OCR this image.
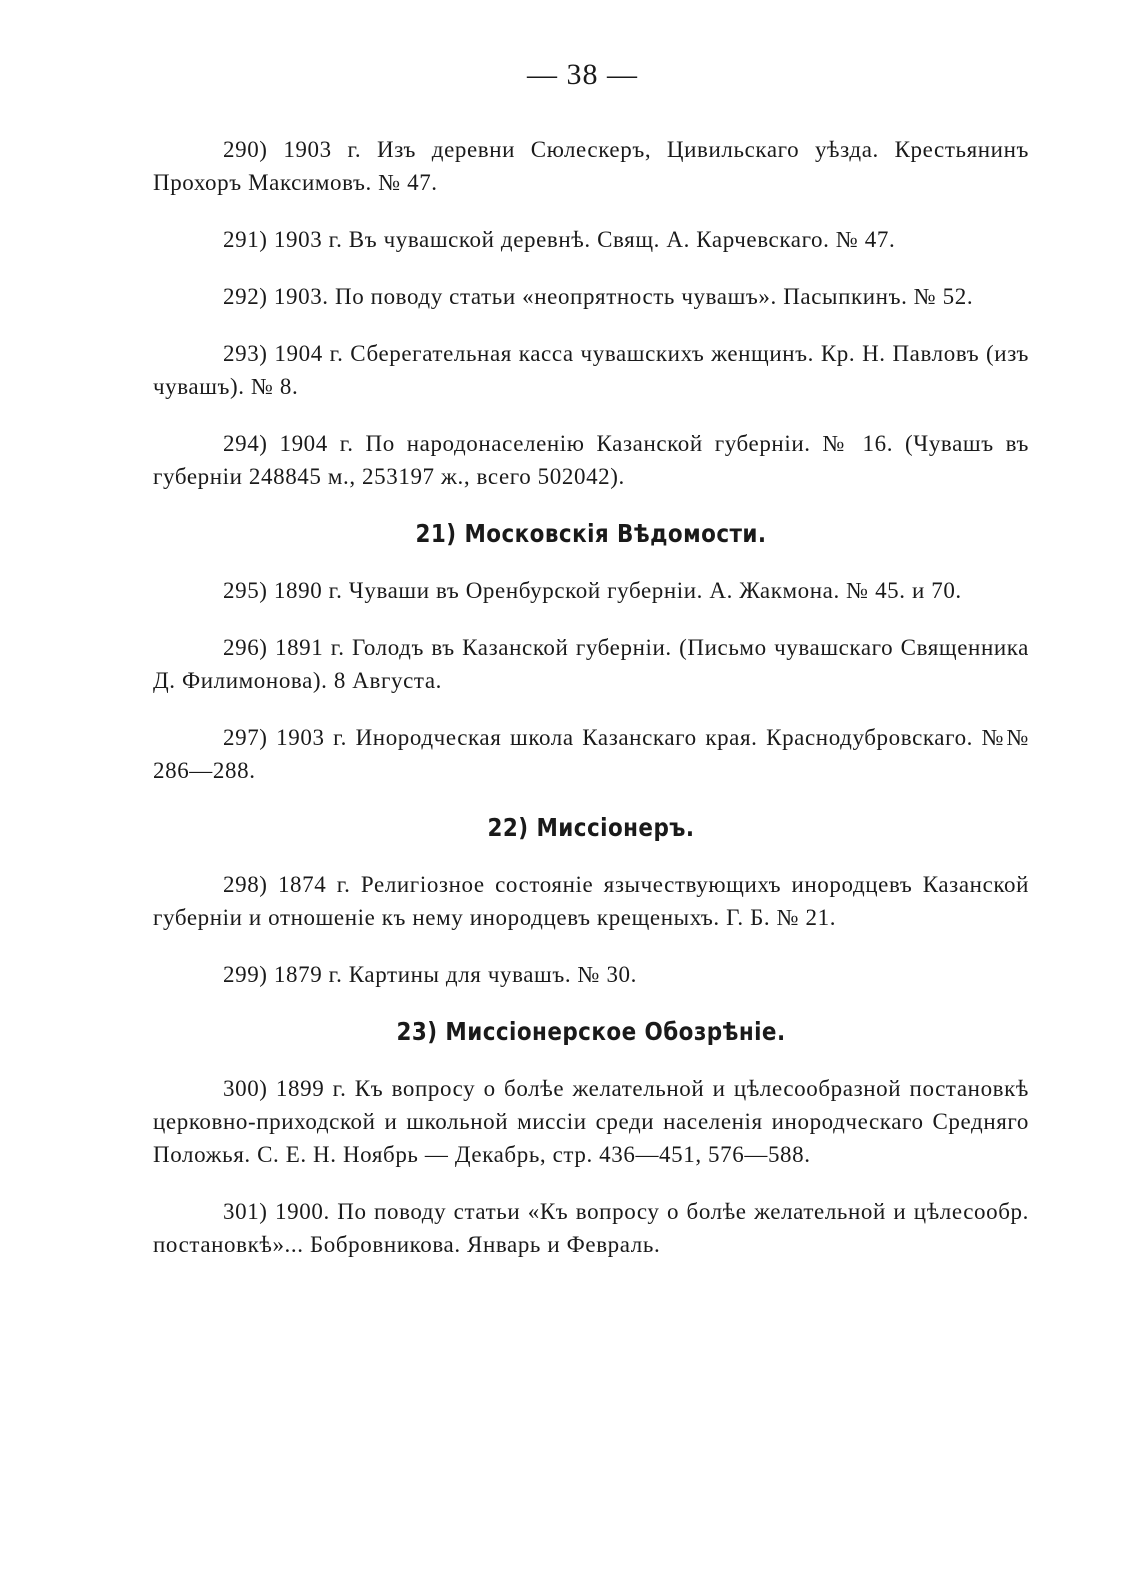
— 38 —

290) 1903 г. Изъ деревни Сюлескеръ, Цивильскаго уѣзда. Крестьянинъ Прохоръ Максимовъ. № 47.

291) 1903 г. Въ чувашской деревнѣ. Свящ. А. Карчевскаго. № 47.

292) 1903. По поводу статьи «неопрятность чувашъ». Пасыпкинъ. № 52.

293) 1904 г. Сберегательная касса чувашскихъ женщинъ. Кр. Н. Павловъ (изъ чувашъ). № 8.

294) 1904 г. По народонаселенію Казанской губерніи. № 16. (Чувашъ въ губерніи 248845 м., 253197 ж., всего 502042).

21) Московскія Вѣдомости.

295) 1890 г. Чуваши въ Оренбурской губерніи. А. Жакмона. № 45. и 70.

296) 1891 г. Голодъ въ Казанской губерніи. (Письмо чувашскаго Священника Д. Филимонова). 8 Августа.

297) 1903 г. Инородческая школа Казанскаго края. Краснодубровскаго. №№ 286—288.

22) Миссіонеръ.

298) 1874 г. Религіозное состояніе язычествующихъ инородцевъ Казанской губерніи и отношеніе къ нему инородцевъ крещеныхъ. Г. Б. № 21.

299) 1879 г. Картины для чувашъ. № 30.

23) Миссіонерское Обозрѣніе.

300) 1899 г. Къ вопросу о болѣе желательной и цѣлесообразной постановкѣ церковно-приходской и школьной миссіи среди населенія инородческаго Средняго Положья. С. Е. Н. Ноябрь — Декабрь, стр. 436—451, 576—588.

301) 1900. По поводу статьи «Къ вопросу о болѣе желательной и цѣлесообр. постановкѣ»... Бобровникова. Январь и Февраль.
